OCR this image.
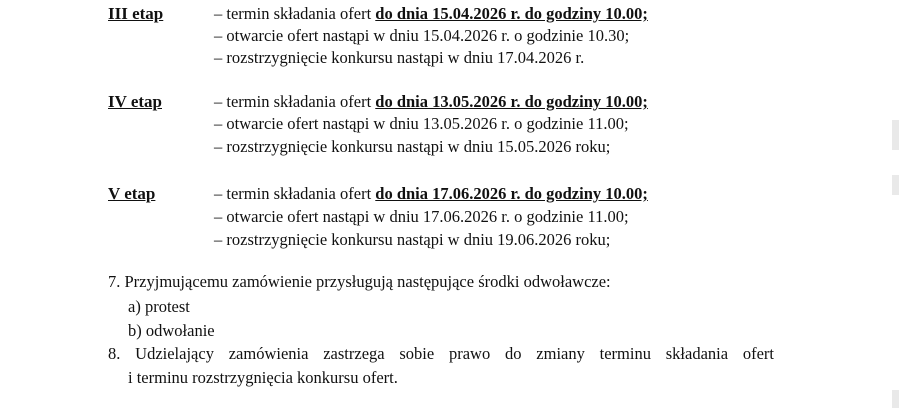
III etap	– termin składania ofert do dnia 15.04.2026 r. do godziny 10.00;
– otwarcie ofert nastąpi w dniu 15.04.2026 r. o godzinie 10.30;
– rozstrzygnięcie konkursu nastąpi w dniu 17.04.2026 r.
IV etap	– termin składania ofert do dnia 13.05.2026 r. do godziny 10.00;
– otwarcie ofert nastąpi w dniu 13.05.2026 r. o godzinie 11.00;
– rozstrzygnięcie konkursu nastąpi w dniu 15.05.2026 roku;
V etap	– termin składania ofert do dnia 17.06.2026 r. do godziny 10.00;
– otwarcie ofert nastąpi w dniu 17.06.2026 r. o godzinie 11.00;
– rozstrzygnięcie konkursu nastąpi w dniu 19.06.2026 roku;
7. Przyjmującemu zamówienie przysługują następujące środki odwoławcze:
a) protest
b) odwołanie
8. Udzielający zamówienia zastrzega sobie prawo do zmiany terminu składania ofert
i terminu rozstrzygnięcia konkursu ofert.
